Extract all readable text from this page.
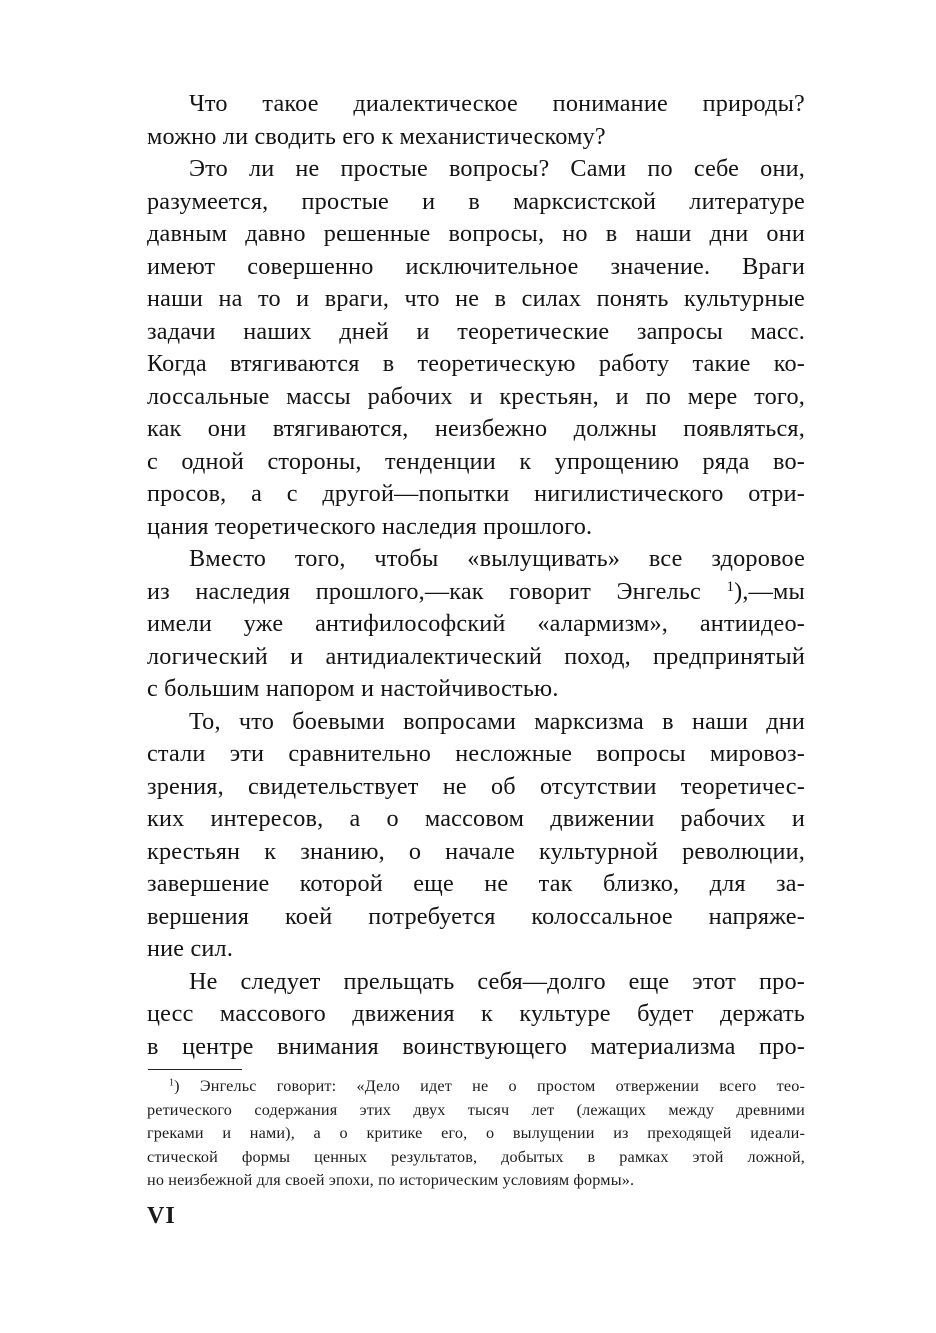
Что такое диалектическое понимание природы?
можно ли сводить его к механистическому?

Это ли не простые вопросы? Сами по себе они,
разумеется, простые и в марксистской литературе
давным давно решенные вопросы, но в наши дни они
имеют совершенно исключительное значение. Враги
наши на то и враги, что не в силах понять культурные
задачи наших дней и теоретические запросы масс.
Когда втягиваются в теоретическую работу такие ко-
лоссальные массы рабочих и крестьян, и по мере того,
как они втягиваются, неизбежно должны появляться,
с одной стороны, тенденции к упрощению ряда во-
просов, а с другой—попытки нигилистического отри-
цания теоретического наследия прошлого.

Вместо того, чтобы «вылущивать» все здоровое
из наследия прошлого,—как говорит Энгельс $^1$),—мы
имели уже антифилософский «алармизм», антиидео-
логический и антидиалектический поход, предпринятый
с большим напором и настойчивостью.

То, что боевыми вопросами марксизма в наши дни
стали эти сравнительно несложные вопросы мировоз-
зрения, свидетельствует не об отсутствии теоретичес-
ких интересов, а о массовом движении рабочих и
крестьян к знанию, о начале культурной революции,
завершение которой еще не так близко, для за-
вершения коей потребуется колоссальное напряже-
ние сил.

Не следует прельщать себя—долго еще этот про-
цесс массового движения к культуре будет держать
в центре внимания воинствующего материализма про-

$^1$) Энгельс говорит: «Дело идет не о простом отвержении всего тео-
ретического содержания этих двух тысяч лет (лежащих между древними
греками и нами), а о критике его, о вылущении из преходящей идеали-
стической формы ценных результатов, добытых в рамках этой ложной,
но неизбежной для своей эпохи, по историческим условиям формы».
VI
